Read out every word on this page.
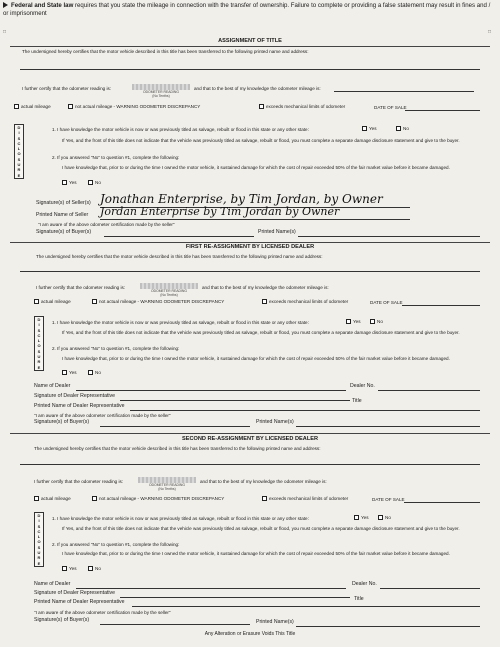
Federal and State law requires that you state the mileage in connection with the transfer of ownership. Failure to complete or providing a false statement may result in fines and / or imprisonment
□	□
ASSIGNMENT OF TITLE
The undersigned hereby certifies that the motor vehicle described in this title has been transferred to the following printed name and address:
I further certify that the odometer reading is:
ODOMETER READING
(No Tenths)
and that to the best of my knowledge the odometer mileage is:
actual mileage	not actual mileage - WARNING ODOMETER DISCREPANCY	exceeds mechanical limits of odometer	DATE OF SALE
D
I
S
C
L
O
S
U
R
E
1. I have knowledge the motor vehicle is now or was previously titled as salvage, rebuilt or flood in this state or any other state:	Yes	No
If Yes, and the front of this title does not indicate that the vehicle was previously titled as salvage, rebuilt or flood, you must complete a separate damage disclosure statement and give to the buyer.
2. If you answered "No" to question #1, complete the following:
I have knowledge that, prior to or during the time I owned the motor vehicle, it sustained damage for which the cost of repair exceeded 50% of the fair market value before it became damaged.
Yes	No
Signature(s) of Seller(s) Jonathan Enterprise, by Tim Jordan, by Owner
Printed Name of Seller Jordan Enterprise by Tim Jordan by Owner
"I am aware of the above odometer certification made by the seller"
Signature(s) of Buyer(s)	Printed Name(s)
FIRST RE-ASSIGNMENT BY LICENSED DEALER
The undersigned hereby certifies that the motor vehicle described in this title has been transferred to the following printed name and address:
I further certify that the odometer reading is:
ODOMETER READING
(No Tenths)
and that to the best of my knowledge the odometer mileage is:
actual mileage	not actual mileage - WARNING ODOMETER DISCREPANCY	exceeds mechanical limits of odometer	DATE OF SALE
D
I
S
C
L
O
S
U
R
E
1. I have knowledge the motor vehicle is now or was previously titled as salvage, rebuilt or flood in this state or any other state:	Yes	No
If Yes, and the front of this title does not indicate that the vehicle was previously titled as salvage, rebuilt or flood, you must complete a separate damage disclosure statement and give to the buyer.
2. If you answered "No" to question #1, complete the following:
I have knowledge that, prior to or during the time I owned the motor vehicle, it sustained damage for which the cost of repair exceeded 50% of the fair market value before it became damaged.
Yes	No
Name of Dealer	Dealer No.
Signature of Dealer Representative
Title
Printed Name of Dealer Representative
"I am aware of the above odometer certification made by the seller"
Signature(s) of Buyer(s)	Printed Name(s)
SECOND RE-ASSIGNMENT BY LICENSED DEALER
The undersigned hereby certifies that the motor vehicle described in this title has been transferred to the following printed name and address:
I further certify that the odometer reading is:
ODOMETER READING
(No Tenths)
and that to the best of my knowledge the odometer mileage is:
actual mileage	not actual mileage - WARNING ODOMETER DISCREPANCY	exceeds mechanical limits of odometer	DATE OF SALE
D
I
S
C
L
O
S
U
R
E
1. I have knowledge the motor vehicle is now or was previously titled as salvage, rebuilt or flood in this state or any other state:	Yes	No
If Yes, and the front of this title does not indicate that the vehicle was previously titled as salvage, rebuilt or flood, you must complete a separate damage disclosure statement and give to the buyer.
2. If you answered "No" to question #1, complete the following:
I have knowledge that, prior to or during the time I owned the motor vehicle, it sustained damage for which the cost of repair exceeded 50% of the fair market value before it became damaged.
Yes	No
Name of Dealer	Dealer No.
Signature of Dealer Representative
Title
Printed Name of Dealer Representative
"I am aware of the above odometer certification made by the seller"
Signature(s) of Buyer(s)	Printed Name(s)
Any Alteration or Erasure Voids This Title
